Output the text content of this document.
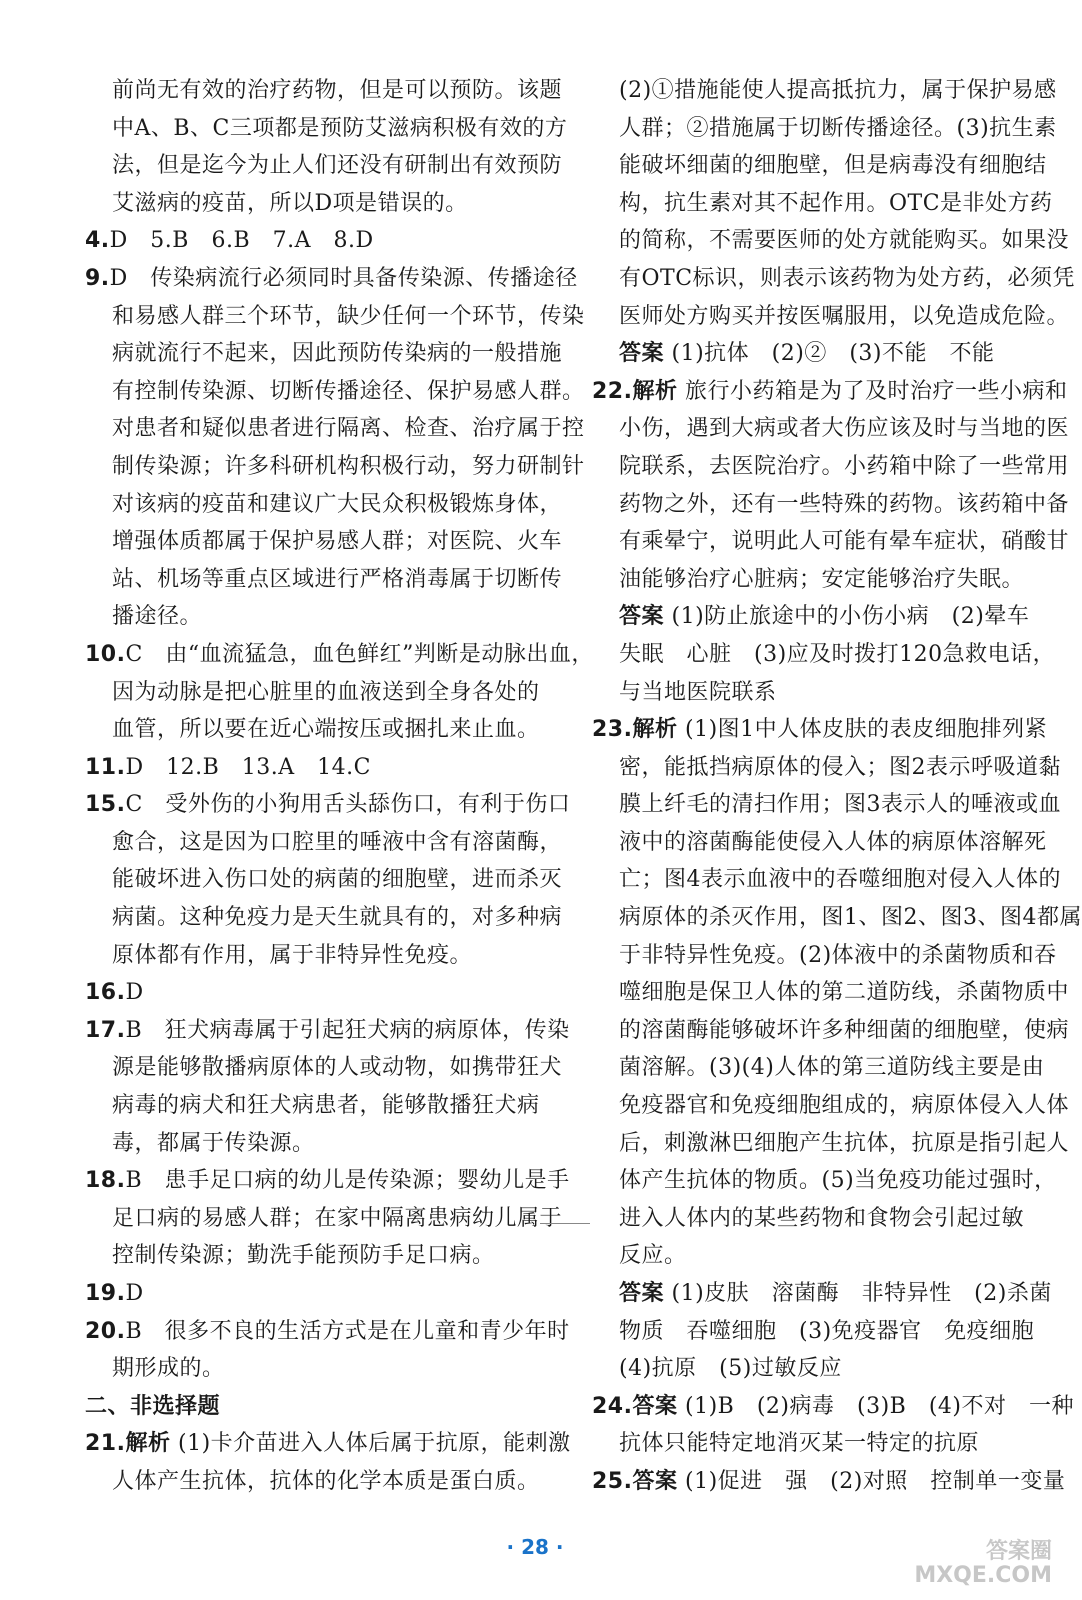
前尚无有效的治疗药物，但是可以预防。该题
中A、B、C三项都是预防艾滋病积极有效的方
法，但是迄今为止人们还没有研制出有效预防
艾滋病的疫苗，所以D项是错误的。
4.D　5.B　6.B　7.A　8.D
9.D　传染病流行必须同时具备传染源、传播途径
和易感人群三个环节，缺少任何一个环节，传染
病就流行不起来，因此预防传染病的一般措施
有控制传染源、切断传播途径、保护易感人群。
对患者和疑似患者进行隔离、检查、治疗属于控
制传染源；许多科研机构积极行动，努力研制针
对该病的疫苗和建议广大民众积极锻炼身体，
增强体质都属于保护易感人群；对医院、火车
站、机场等重点区域进行严格消毒属于切断传
播途径。
10.C　由“血流猛急，血色鲜红”判断是动脉出血，
因为动脉是把心脏里的血液送到全身各处的
血管，所以要在近心端按压或捆扎来止血。
11.D　12.B　13.A　14.C
15.C　受外伤的小狗用舌头舔伤口，有利于伤口
愈合，这是因为口腔里的唾液中含有溶菌酶，
能破坏进入伤口处的病菌的细胞壁，进而杀灭
病菌。这种免疫力是天生就具有的，对多种病
原体都有作用，属于非特异性免疫。
16.D
17.B　狂犬病毒属于引起狂犬病的病原体，传染
源是能够散播病原体的人或动物，如携带狂犬
病毒的病犬和狂犬病患者，能够散播狂犬病
毒，都属于传染源。
18.B　患手足口病的幼儿是传染源；婴幼儿是手
足口病的易感人群；在家中隔离患病幼儿属于
控制传染源；勤洗手能预防手足口病。
19.D
20.B　很多不良的生活方式是在儿童和青少年时
期形成的。
二、非选择题
21.解析 (1)卡介苗进入人体后属于抗原，能刺激
人体产生抗体，抗体的化学本质是蛋白质。
(2)①措施能使人提高抵抗力，属于保护易感
人群；②措施属于切断传播途径。(3)抗生素
能破坏细菌的细胞壁，但是病毒没有细胞结
构，抗生素对其不起作用。OTC是非处方药
的简称，不需要医师的处方就能购买。如果没
有OTC标识，则表示该药物为处方药，必须凭
医师处方购买并按医嘱服用，以免造成危险。
答案 (1)抗体　(2)②　(3)不能　不能
22.解析 旅行小药箱是为了及时治疗一些小病和
小伤，遇到大病或者大伤应该及时与当地的医
院联系，去医院治疗。小药箱中除了一些常用
药物之外，还有一些特殊的药物。该药箱中备
有乘晕宁，说明此人可能有晕车症状，硝酸甘
油能够治疗心脏病；安定能够治疗失眠。
答案 (1)防止旅途中的小伤小病　(2)晕车
失眠　心脏　(3)应及时拨打120急救电话，
与当地医院联系
23.解析 (1)图1中人体皮肤的表皮细胞排列紧
密，能抵挡病原体的侵入；图2表示呼吸道黏
膜上纤毛的清扫作用；图3表示人的唾液或血
液中的溶菌酶能使侵入人体的病原体溶解死
亡；图4表示血液中的吞噬细胞对侵入人体的
病原体的杀灭作用，图1、图2、图3、图4都属
于非特异性免疫。(2)体液中的杀菌物质和吞
噬细胞是保卫人体的第二道防线，杀菌物质中
的溶菌酶能够破坏许多种细菌的细胞壁，使病
菌溶解。(3)(4)人体的第三道防线主要是由
免疫器官和免疫细胞组成的，病原体侵入人体
后，刺激淋巴细胞产生抗体，抗原是指引起人
体产生抗体的物质。(5)当免疫功能过强时，
进入人体内的某些药物和食物会引起过敏
反应。
答案 (1)皮肤　溶菌酶　非特异性　(2)杀菌
物质　吞噬细胞　(3)免疫器官　免疫细胞
(4)抗原　(5)过敏反应
24.答案 (1)B　(2)病毒　(3)B　(4)不对　一种
抗体只能特定地消灭某一特定的抗原
25.答案 (1)促进　强　(2)对照　控制单一变量
· 28 ·	答案圈 MXQE.COM
